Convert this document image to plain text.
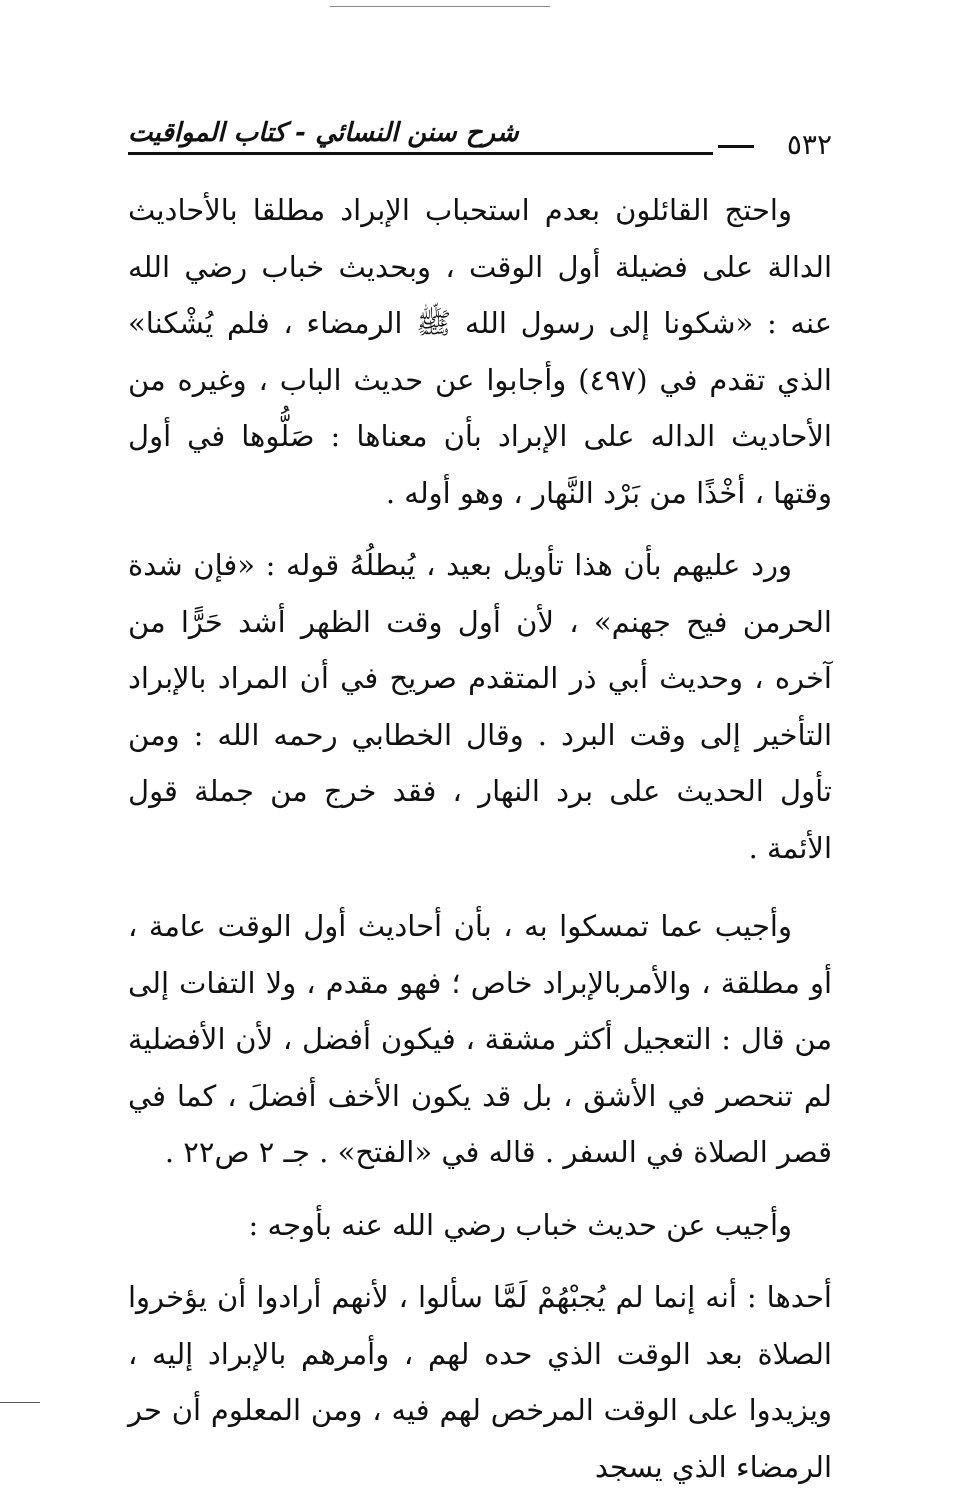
٥٣٢
شرح سنن النسائي - كتاب المواقيت

واحتج القائلون بعدم استحباب الإبراد مطلقا بالأحاديث الدالة على فضيلة أول الوقت ، وبحديث خباب رضي الله عنه : «شكونا إلى رسول الله ﷺ الرمضاء ، فلم يُشْكنا» الذي تقدم في (٤٩٧) وأجابوا عن حديث الباب ، وغيره من الأحاديث الداله على الإبراد بأن معناها : صَلُّوها في أول وقتها ، أخْذًا من بَرْد النَّهار ، وهو أوله .

ورد عليهم بأن هذا تأويل بعيد ، يُبطلُهُ قوله : «فإن شدة الحرمن فيح جهنم» ، لأن أول وقت الظهر أشد حَرًّا من آخره ، وحديث أبي ذر المتقدم صريح في أن المراد بالإبراد التأخير إلى وقت البرد . وقال الخطابي رحمه الله : ومن تأول الحديث على برد النهار ، فقد خرج من جملة قول الأئمة .

وأجيب عما تمسكوا به ، بأن أحاديث أول الوقت عامة ، أو مطلقة ، والأمربالإبراد خاص ؛ فهو مقدم ، ولا التفات إلى من قال : التعجيل أكثر مشقة ، فيكون أفضل ، لأن الأفضلية لم تنحصر في الأشق ، بل قد يكون الأخف أفضلَ ، كما في قصر الصلاة في السفر . قاله في «الفتح» . جـ ٢ ص٢٢ .

وأجيب عن حديث خباب رضي الله عنه بأوجه :

أحدها : أنه إنما لم يُجبْهُمْ لَمَّا سألوا ، لأنهم أرادوا أن يؤخروا الصلاة بعد الوقت الذي حده لهم ، وأمرهم بالإبراد إليه ، ويزيدوا على الوقت المرخص لهم فيه ، ومن المعلوم أن حر الرمضاء الذي يسجد
